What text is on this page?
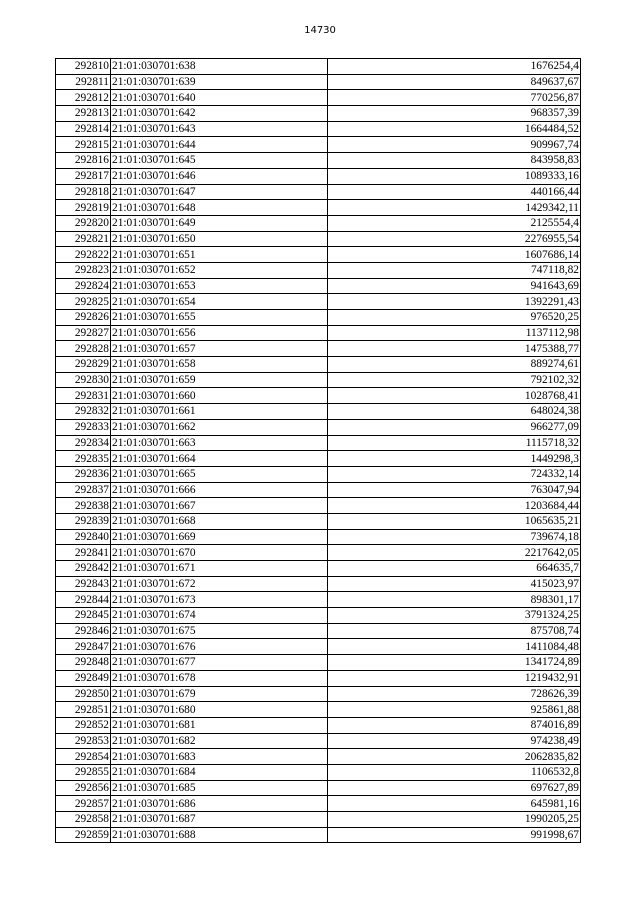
14730
292810	21:01:030701:638	1676254,4
292811	21:01:030701:639	849637,67
292812	21:01:030701:640	770256,87
292813	21:01:030701:642	968357,39
292814	21:01:030701:643	1664484,52
292815	21:01:030701:644	909967,74
292816	21:01:030701:645	843958,83
292817	21:01:030701:646	1089333,16
292818	21:01:030701:647	440166,44
292819	21:01:030701:648	1429342,11
292820	21:01:030701:649	2125554,4
292821	21:01:030701:650	2276955,54
292822	21:01:030701:651	1607686,14
292823	21:01:030701:652	747118,82
292824	21:01:030701:653	941643,69
292825	21:01:030701:654	1392291,43
292826	21:01:030701:655	976520,25
292827	21:01:030701:656	1137112,98
292828	21:01:030701:657	1475388,77
292829	21:01:030701:658	889274,61
292830	21:01:030701:659	792102,32
292831	21:01:030701:660	1028768,41
292832	21:01:030701:661	648024,38
292833	21:01:030701:662	966277,09
292834	21:01:030701:663	1115718,32
292835	21:01:030701:664	1449298,3
292836	21:01:030701:665	724332,14
292837	21:01:030701:666	763047,94
292838	21:01:030701:667	1203684,44
292839	21:01:030701:668	1065635,21
292840	21:01:030701:669	739674,18
292841	21:01:030701:670	2217642,05
292842	21:01:030701:671	664635,7
292843	21:01:030701:672	415023,97
292844	21:01:030701:673	898301,17
292845	21:01:030701:674	3791324,25
292846	21:01:030701:675	875708,74
292847	21:01:030701:676	1411084,48
292848	21:01:030701:677	1341724,89
292849	21:01:030701:678	1219432,91
292850	21:01:030701:679	728626,39
292851	21:01:030701:680	925861,88
292852	21:01:030701:681	874016,89
292853	21:01:030701:682	974238,49
292854	21:01:030701:683	2062835,82
292855	21:01:030701:684	1106532,8
292856	21:01:030701:685	697627,89
292857	21:01:030701:686	645981,16
292858	21:01:030701:687	1990205,25
292859	21:01:030701:688	991998,67
